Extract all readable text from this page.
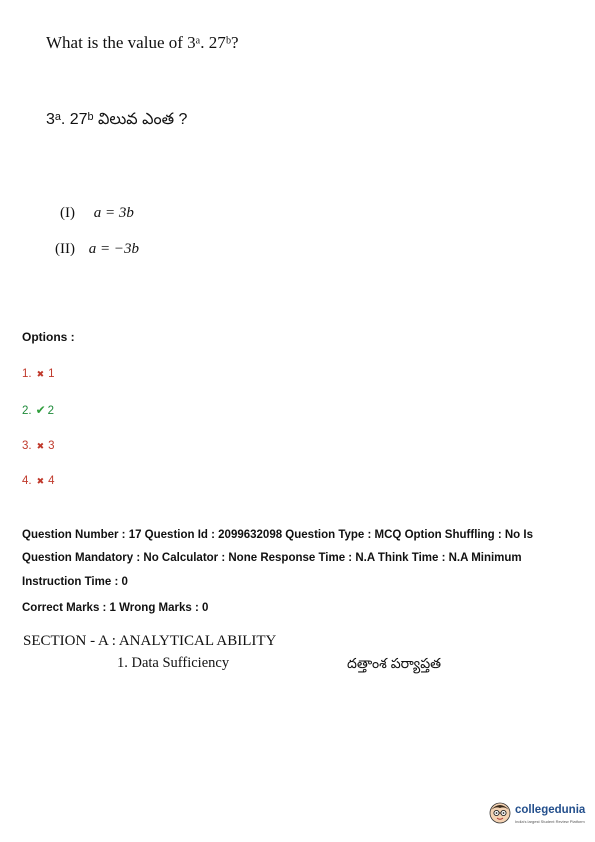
What is the value of 3ᵃ. 27ᵇ?
3ᵃ. 27ᵇ విలువ ఎంత ?
(I) a = 3b
(II) a = −3b
Options :
1. ✖ 1
2. ✔ 2
3. ✖ 3
4. ✖ 4
Question Number : 17 Question Id : 2099632098 Question Type : MCQ Option Shuffling : No Is
Question Mandatory : No Calculator : None Response Time : N.A Think Time : N.A Minimum
Instruction Time : 0
Correct Marks : 1 Wrong Marks : 0
SECTION - A : ANALYTICAL ABILITY
1. Data Sufficiency	దత్తాంశ పర్యాప్తత
collegedunia
India's largest Student Review Platform
